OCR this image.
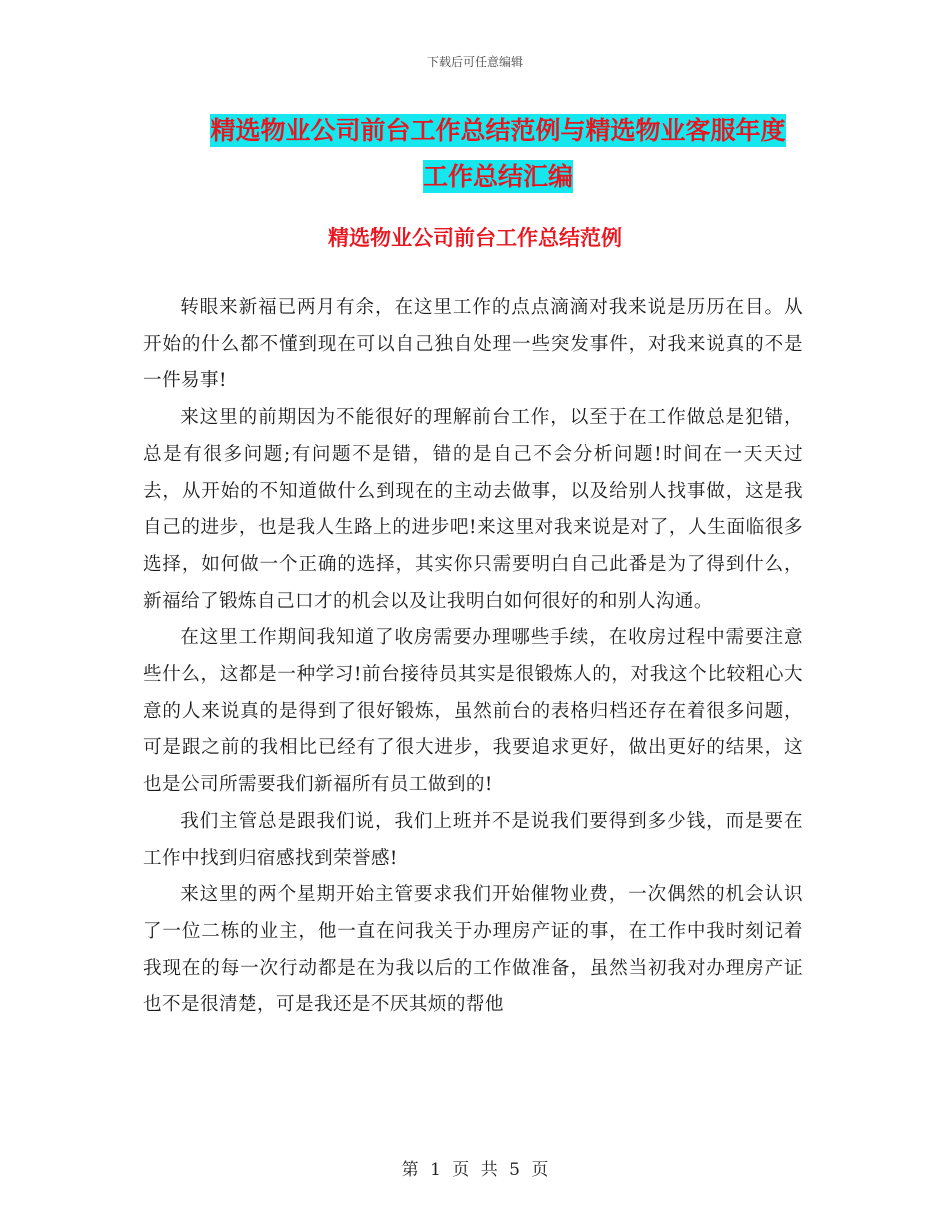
下载后可任意编辑
精选物业公司前台工作总结范例与精选物业客服年度
工作总结汇编
精选物业公司前台工作总结范例

转眼来新福已两月有余，在这里工作的点点滴滴对我来说是历历在目。从开始的什么都不懂到现在可以自己独自处理一些突发事件，对我来说真的不是一件易事!

来这里的前期因为不能很好的理解前台工作，以至于在工作做总是犯错，总是有很多问题;有问题不是错，错的是自己不会分析问题!时间在一天天过去，从开始的不知道做什么到现在的主动去做事，以及给别人找事做，这是我自己的进步，也是我人生路上的进步吧!来这里对我来说是对了，人生面临很多选择，如何做一个正确的选择，其实你只需要明白自己此番是为了得到什么，新福给了锻炼自己口才的机会以及让我明白如何很好的和别人沟通。

在这里工作期间我知道了收房需要办理哪些手续，在收房过程中需要注意些什么，这都是一种学习!前台接待员其实是很锻炼人的，对我这个比较粗心大意的人来说真的是得到了很好锻炼，虽然前台的表格归档还存在着很多问题，可是跟之前的我相比已经有了很大进步，我要追求更好，做出更好的结果，这也是公司所需要我们新福所有员工做到的!

我们主管总是跟我们说，我们上班并不是说我们要得到多少钱，而是要在工作中找到归宿感找到荣誉感!

来这里的两个星期开始主管要求我们开始催物业费，一次偶然的机会认识了一位二栋的业主，他一直在问我关于办理房产证的事，在工作中我时刻记着我现在的每一次行动都是在为我以后的工作做准备，虽然当初我对办理房产证也不是很清楚，可是我还是不厌其烦的帮他

第 1 页 共 5 页
